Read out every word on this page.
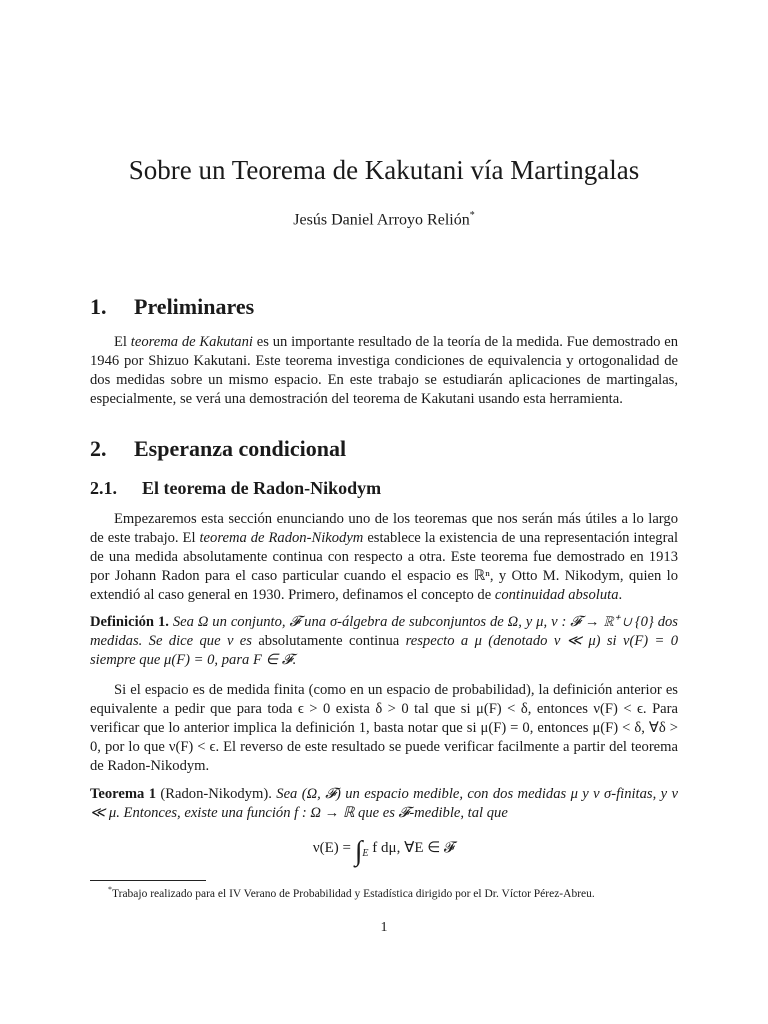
Sobre un Teorema de Kakutani vía Martingalas
Jesús Daniel Arroyo Relión*
1. Preliminares
El teorema de Kakutani es un importante resultado de la teoría de la medida. Fue demostrado en 1946 por Shizuo Kakutani. Este teorema investiga condiciones de equivalencia y ortogonalidad de dos medidas sobre un mismo espacio. En este trabajo se estudiarán aplicaciones de martingalas, especialmente, se verá una demostración del teorema de Kakutani usando esta herramienta.
2. Esperanza condicional
2.1. El teorema de Radon-Nikodym
Empezaremos esta sección enunciando uno de los teoremas que nos serán más útiles a lo largo de este trabajo. El teorema de Radon-Nikodym establece la existencia de una representación integral de una medida absolutamente continua con respecto a otra. Este teorema fue demostrado en 1913 por Johann Radon para el caso particular cuando el espacio es ℝⁿ, y Otto M. Nikodym, quien lo extendió al caso general en 1930. Primero, definamos el concepto de continuidad absoluta.
Definición 1. Sea Ω un conjunto, 𝓕 una σ-álgebra de subconjuntos de Ω, y μ, ν : 𝓕 → ℝ⁺ ∪ {0} dos medidas. Se dice que ν es absolutamente continua respecto a μ (denotado ν ≪ μ) si ν(F) = 0 siempre que μ(F) = 0, para F ∈ 𝓕.
Si el espacio es de medida finita (como en un espacio de probabilidad), la definición anterior es equivalente a pedir que para toda ϵ > 0 exista δ > 0 tal que si μ(F) < δ, entonces ν(F) < ϵ. Para verificar que lo anterior implica la definición 1, basta notar que si μ(F) = 0, entonces μ(F) < δ, ∀δ > 0, por lo que ν(F) < ϵ. El reverso de este resultado se puede verificar facilmente a partir del teorema de Radon-Nikodym.
Teorema 1 (Radon-Nikodym). Sea (Ω, 𝓕) un espacio medible, con dos medidas μ y ν σ-finitas, y ν ≪ μ. Entonces, existe una función f : Ω → ℝ que es 𝓕-medible, tal que
$\nu(E) = \int_E$ f dμ, ∀E ∈ 𝓕
*Trabajo realizado para el IV Verano de Probabilidad y Estadística dirigido por el Dr. Víctor Pérez-Abreu.
1
